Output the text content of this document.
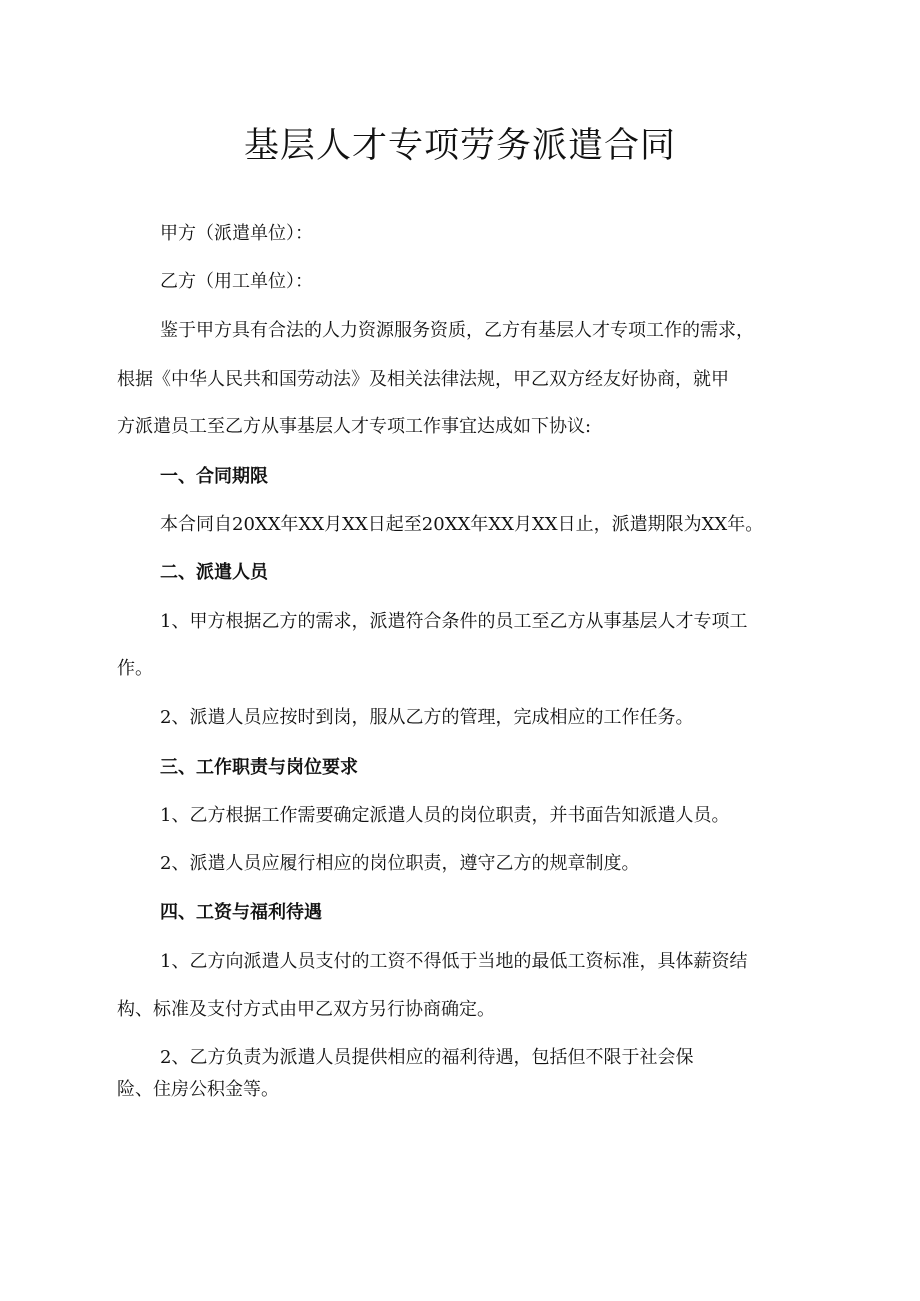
基层人才专项劳务派遣合同
甲方（派遣单位）：
乙方（用工单位）：
鉴于甲方具有合法的人力资源服务资质，乙方有基层人才专项工作的需求，
根据《中华人民共和国劳动法》及相关法律法规，甲乙双方经友好协商，就甲
方派遣员工至乙方从事基层人才专项工作事宜达成如下协议:
一、合同期限
本合同自20XX年XX月XX日起至20XX年XX月XX日止，派遣期限为XX年。
二、派遣人员
1、甲方根据乙方的需求，派遣符合条件的员工至乙方从事基层人才专项工
作。
2、派遣人员应按时到岗，服从乙方的管理，完成相应的工作任务。
三、工作职责与岗位要求
1、乙方根据工作需要确定派遣人员的岗位职责，并书面告知派遣人员。
2、派遣人员应履行相应的岗位职责，遵守乙方的规章制度。
四、工资与福利待遇
1、乙方向派遣人员支付的工资不得低于当地的最低工资标准，具体薪资结
构、标准及支付方式由甲乙双方另行协商确定。
2、乙方负责为派遣人员提供相应的福利待遇，包括但不限于社会保
险、住房公积金等。
